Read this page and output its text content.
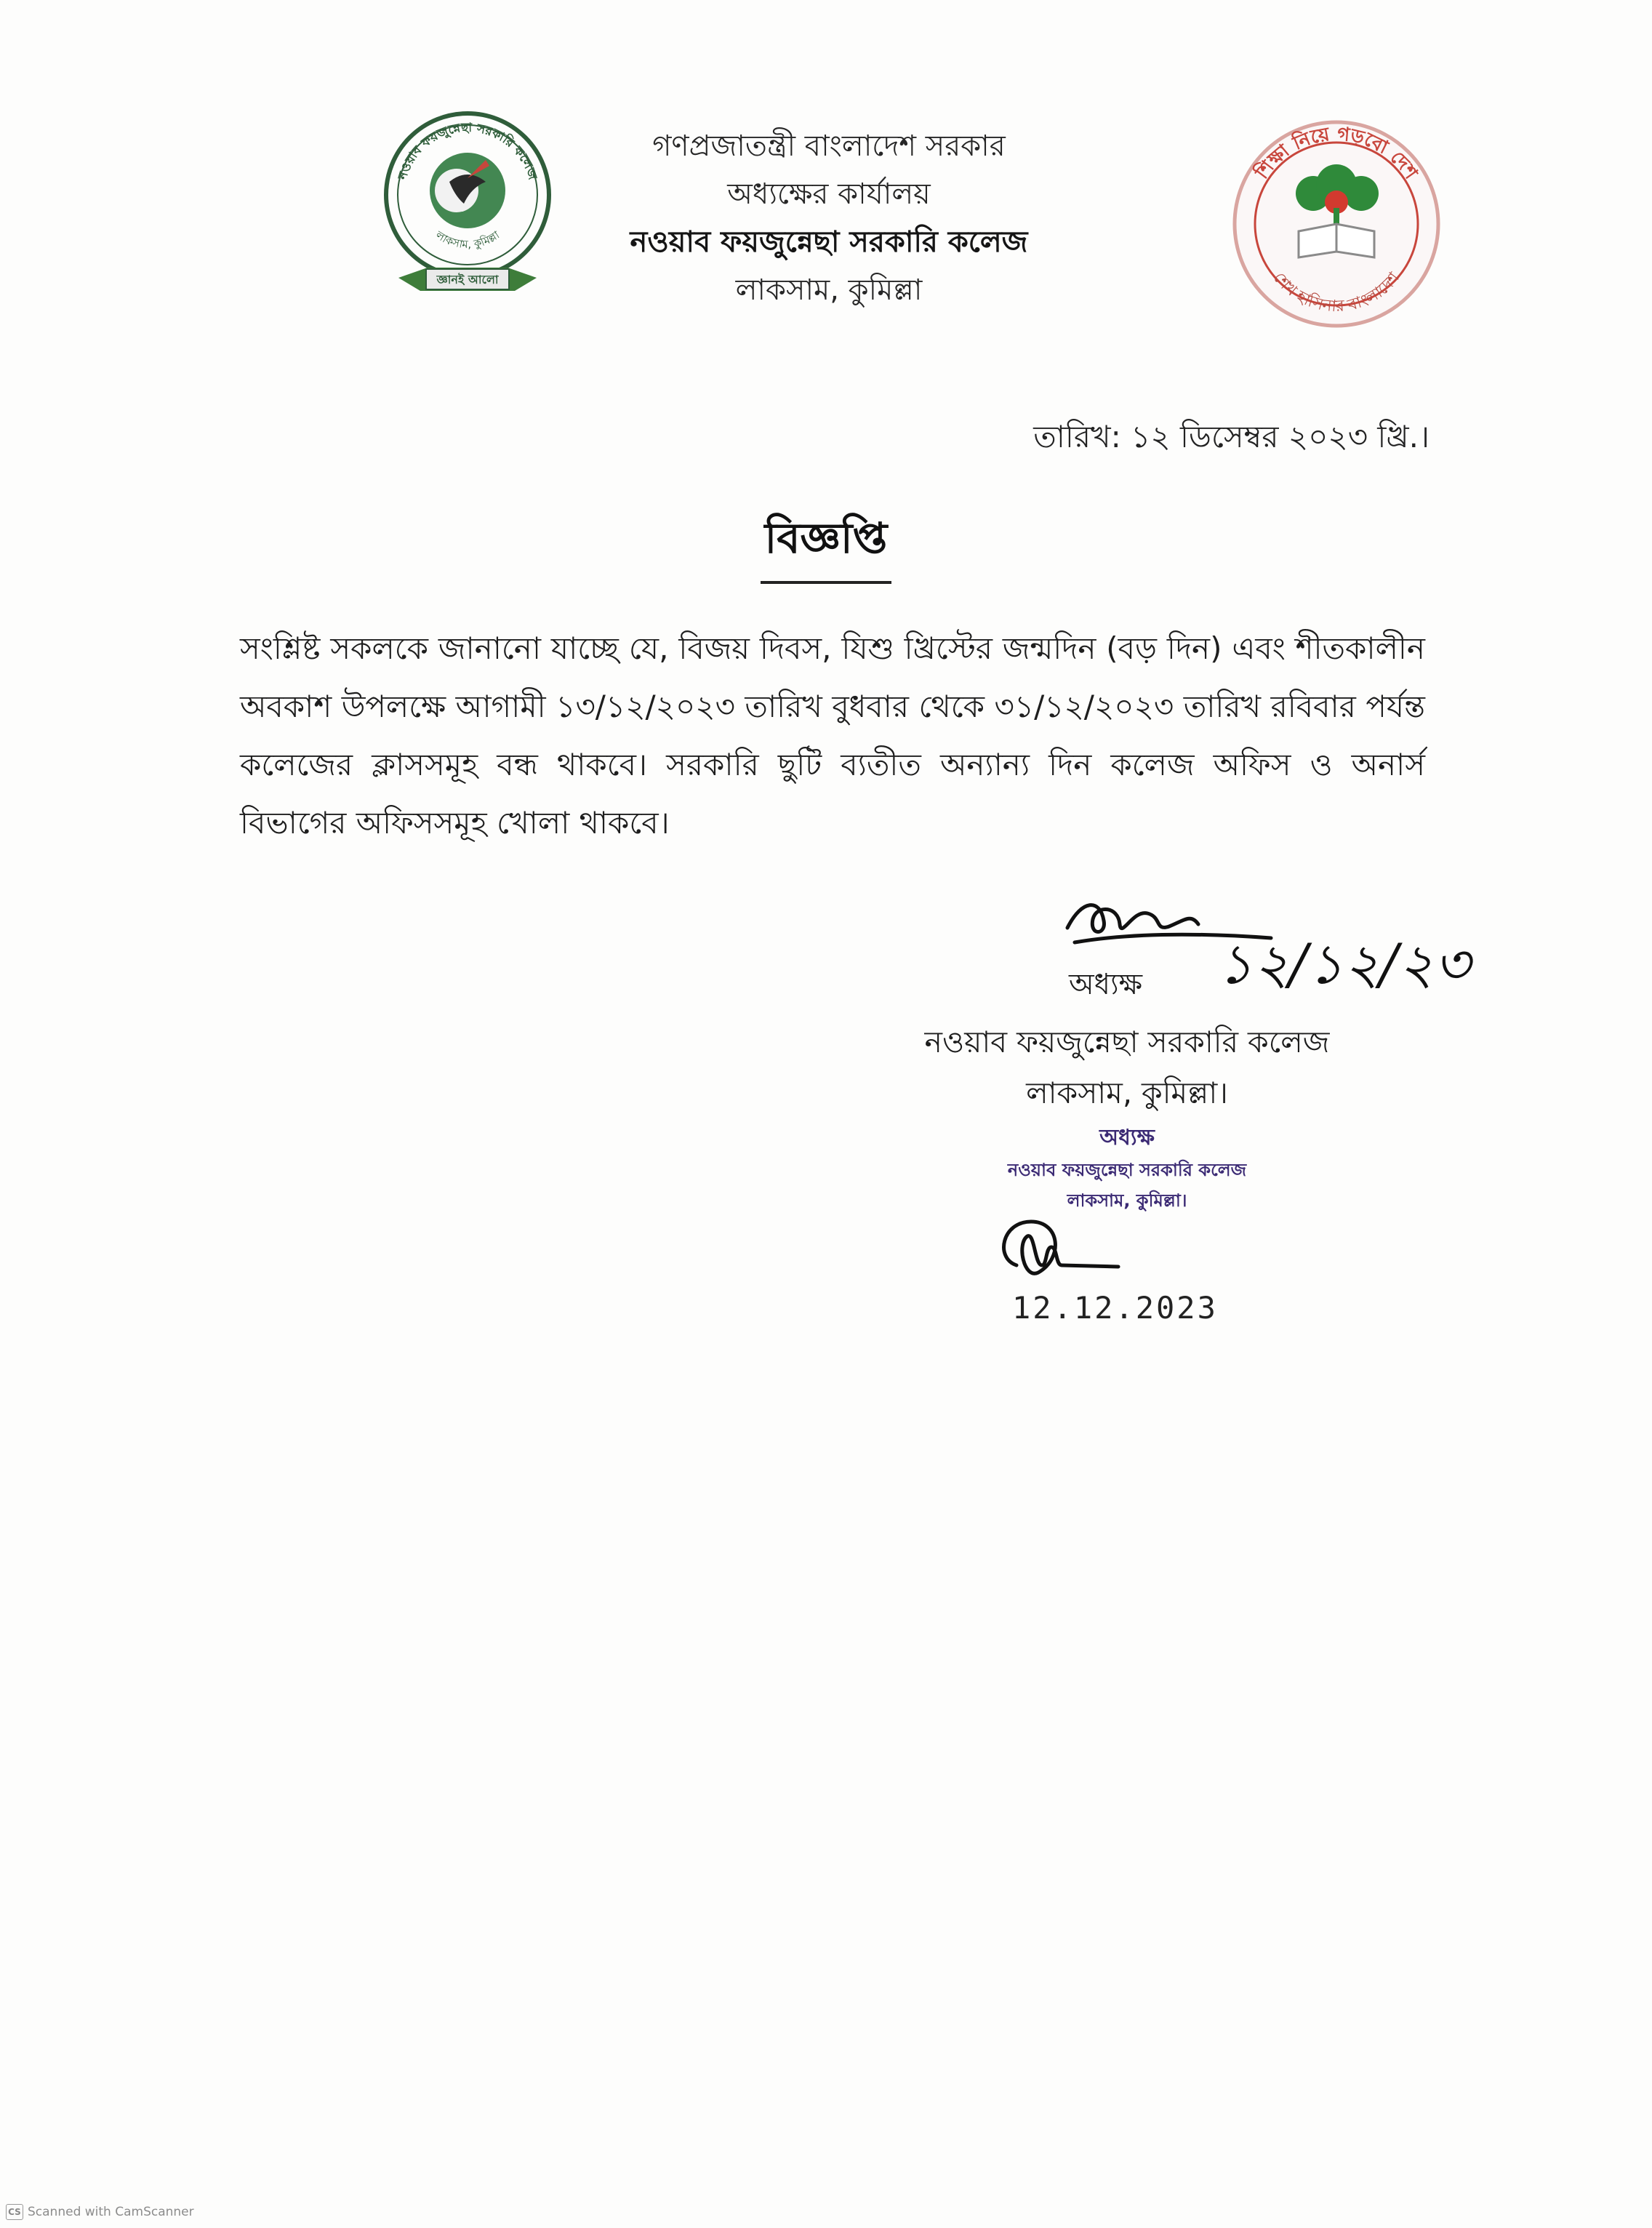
নওয়াব ফয়জুন্নেছা সরকারি কলেজ
লাকসাম, কুমিল্লা
জ্ঞানই আলো
গণপ্রজাতন্ত্রী বাংলাদেশ সরকার
অধ্যক্ষের কার্যালয়
নওয়াব ফয়জুন্নেছা সরকারি কলেজ
লাকসাম, কুমিল্লা
শিক্ষা নিয়ে গড়বো দেশ
শেখ হাসিনার বাংলাদেশ
তারিখ: ১২ ডিসেম্বর ২০২৩ খ্রি.।
বিজ্ঞপ্তি
সংশ্লিষ্ট সকলকে জানানো যাচ্ছে যে, বিজয় দিবস, যিশু খ্রিস্টের জন্মদিন (বড় দিন) এবং শীতকালীন অবকাশ উপলক্ষে আগামী ১৩/১২/২০২৩ তারিখ বুধবার থেকে ৩১/১২/২০২৩ তারিখ রবিবার পর্যন্ত কলেজের ক্লাসসমূহ বন্ধ থাকবে। সরকারি ছুটি ব্যতীত অন্যান্য দিন কলেজ অফিস ও অনার্স বিভাগের অফিসসমূহ খোলা থাকবে।
অধ্যক্ষ ১২/১২/২৩
নওয়াব ফয়জুন্নেছা সরকারি কলেজ
লাকসাম, কুমিল্লা।
অধ্যক্ষ
নওয়াব ফয়জুন্নেছা সরকারি কলেজ
লাকসাম, কুমিল্লা।
12.12.2023
CS Scanned with CamScanner
